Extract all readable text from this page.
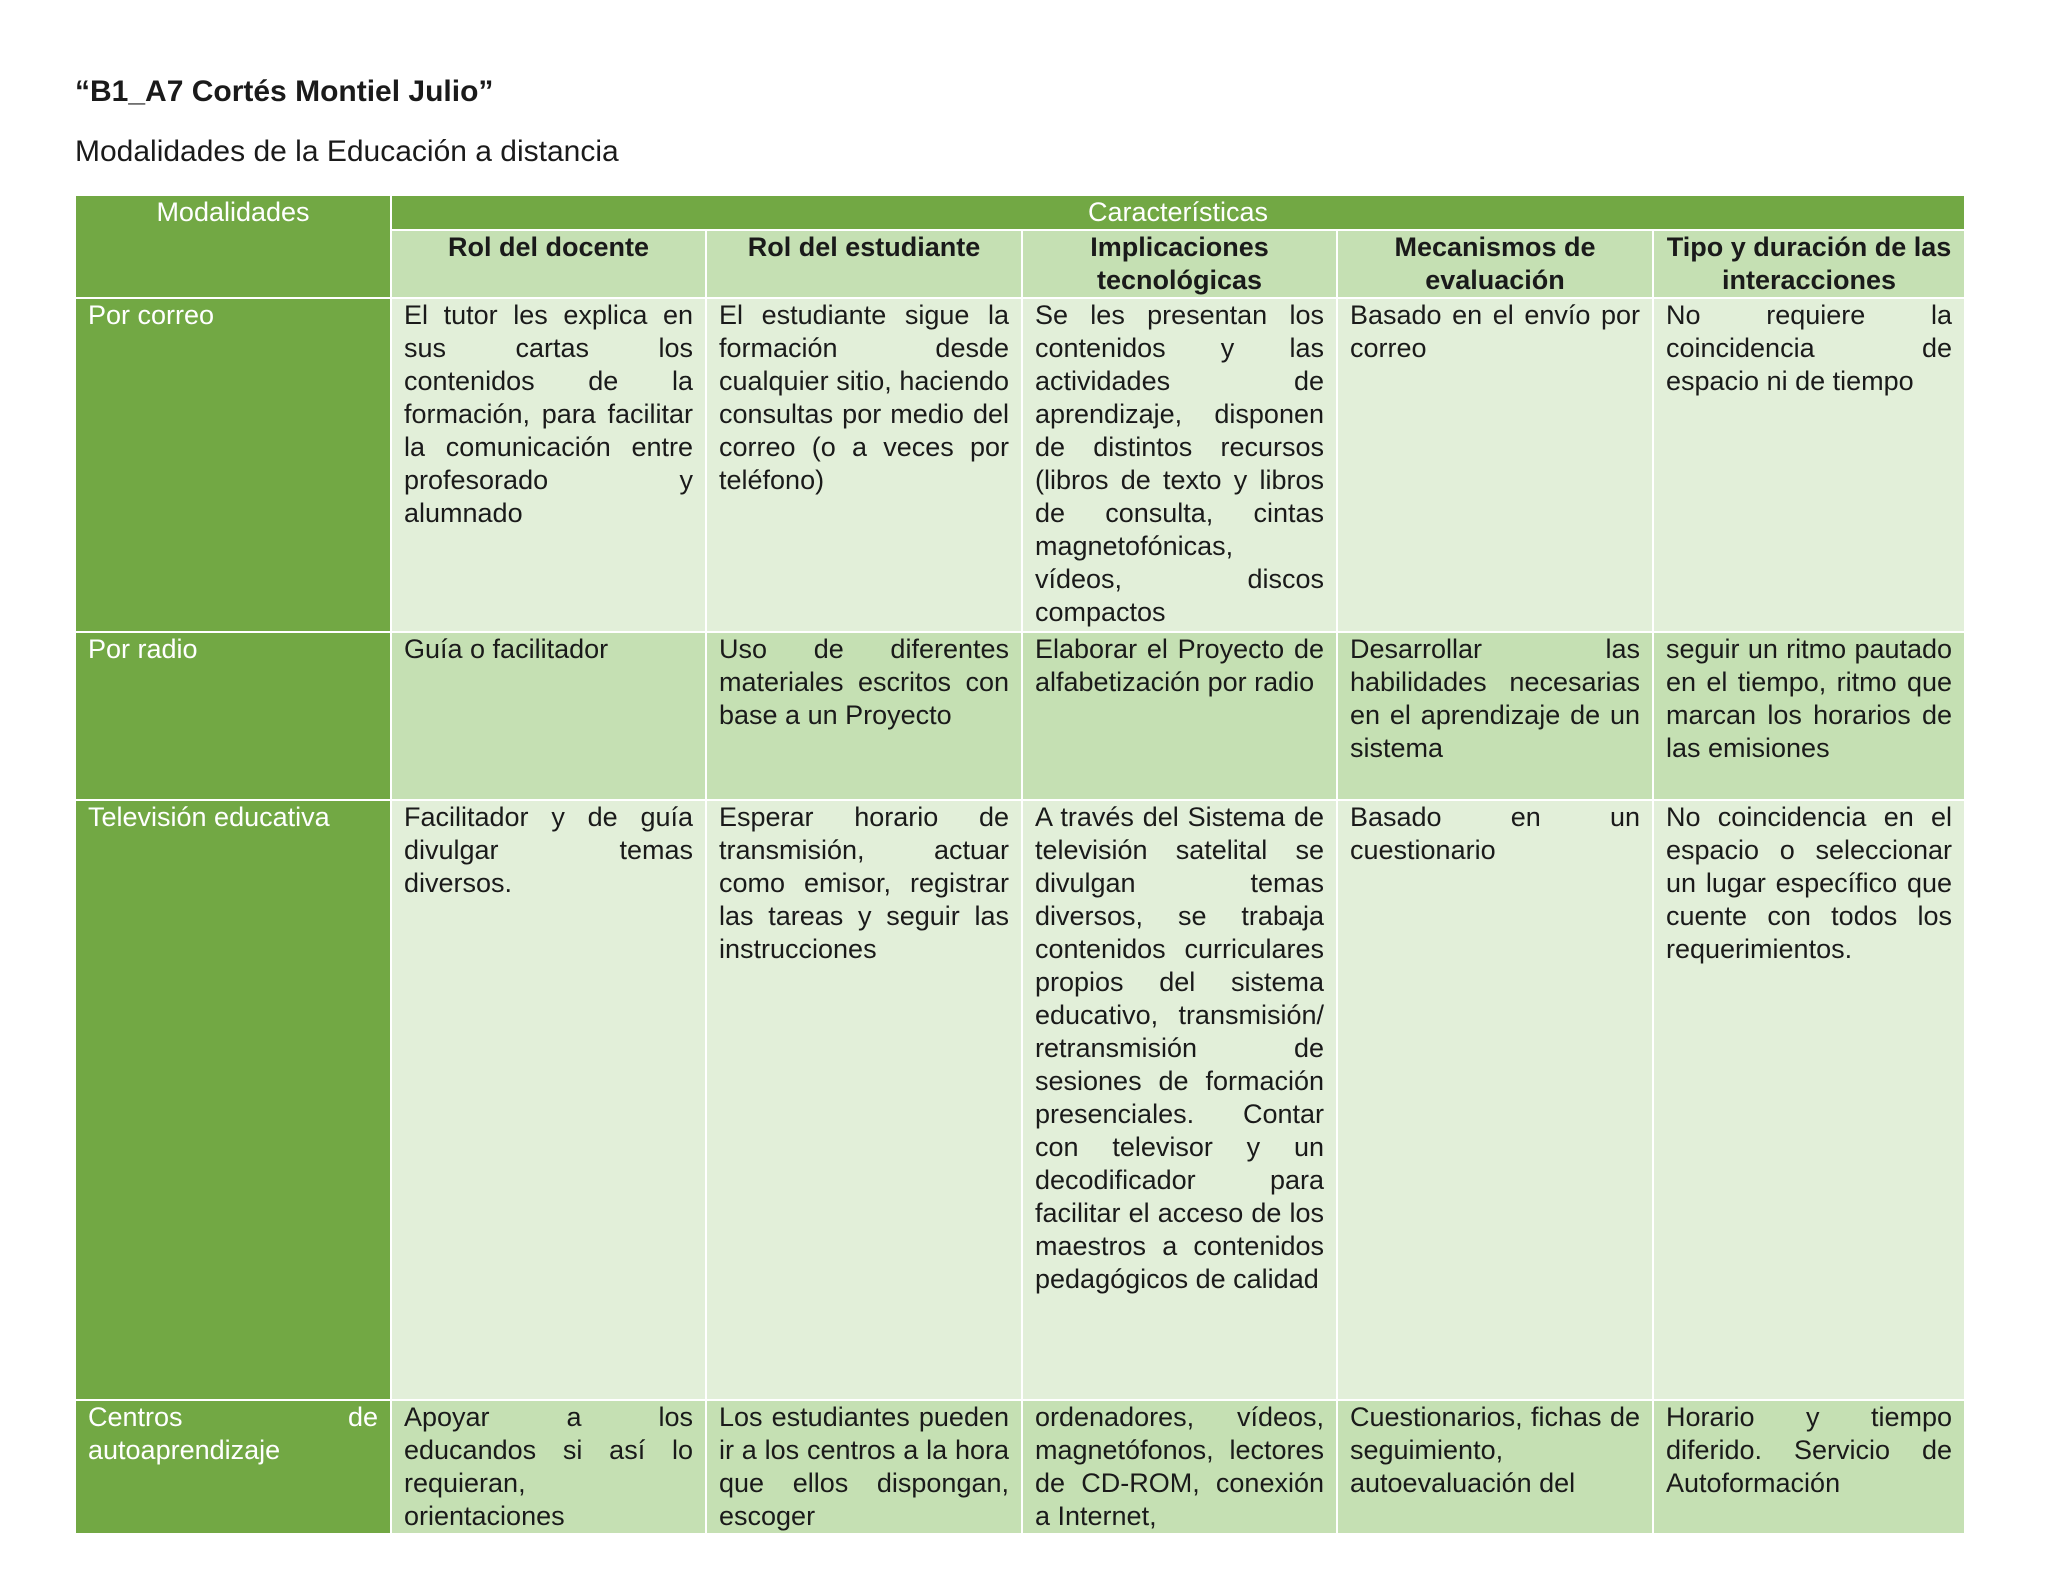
“B1_A7 Cortés Montiel Julio”

Modalidades de la Educación a distancia

Modalidades	Características				
	Rol del docente	Rol del estudiante	Implicaciones tecnológicas	Mecanismos de evaluación	Tipo y duración de las interacciones
Por correo	El tutor les explica en sus cartas los contenidos de la formación, para facilitar la comunicación entre profesorado y alumnado	El estudiante sigue la formación desde cualquier sitio, haciendo consultas por medio del correo (o a veces por teléfono)	Se les presentan los contenidos y las actividades de aprendizaje, disponen de distintos recursos (libros de texto y libros de consulta, cintas magnetofónicas, vídeos, discos compactos	Basado en el envío por correo	No requiere la coincidencia de espacio ni de tiempo
Por radio	Guía o facilitador	Uso de diferentes materiales escritos con base a un Proyecto	Elaborar el Proyecto de alfabetización por radio	Desarrollar las habilidades necesarias en el aprendizaje de un sistema	seguir un ritmo pautado en el tiempo, ritmo que marcan los horarios de las emisiones
Televisión educativa	Facilitador y de guía divulgar temas diversos.	Esperar horario de transmisión, actuar como emisor, registrar las tareas y seguir las instrucciones	A través del Sistema de televisión satelital se divulgan temas diversos, se trabaja contenidos curriculares propios del sistema educativo, transmisión/ retransmisión de sesiones de formación presenciales. Contar con televisor y un decodificador para facilitar el acceso de los maestros a contenidos pedagógicos de calidad	Basado en un cuestionario	No coincidencia en el espacio o seleccionar un lugar específico que cuente con todos los requerimientos.
Centros de autoaprendizaje	Apoyar a los educandos si así lo requieran, orientaciones	Los estudiantes pueden ir a los centros a la hora que ellos dispongan, escoger	ordenadores, vídeos, magnetófonos, lectores de CD-ROM, conexión a Internet,	Cuestionarios, fichas de seguimiento, autoevaluación del	Horario y tiempo diferido. Servicio de Autoformación
